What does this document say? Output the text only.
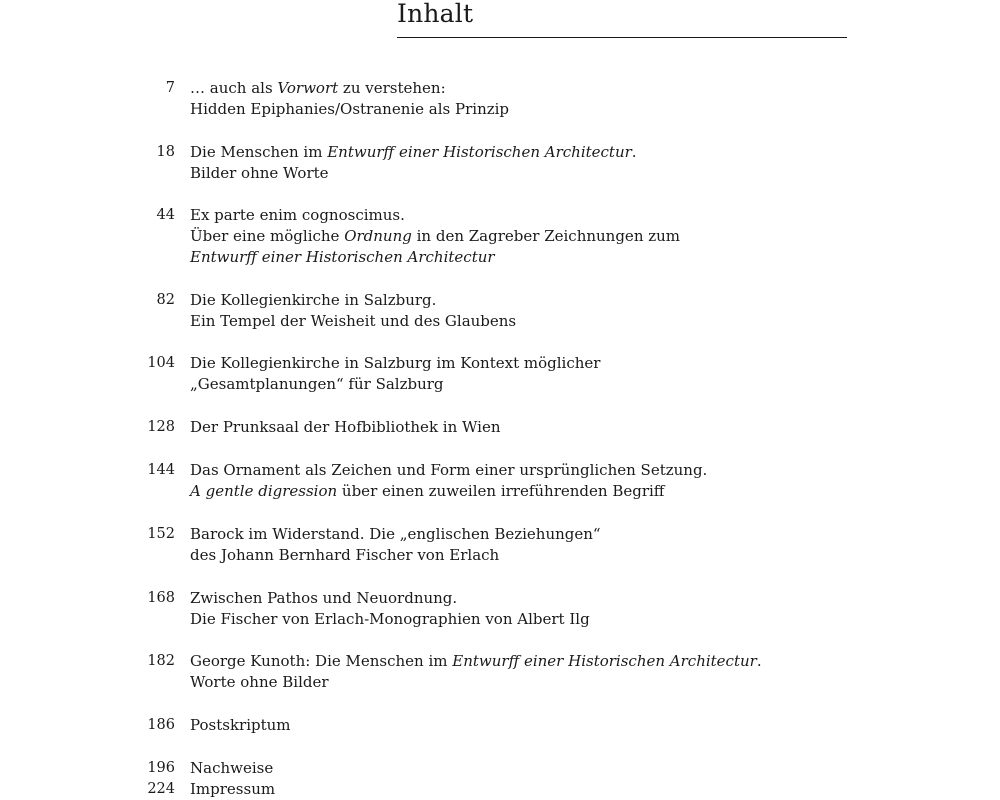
Inhalt
7 … auch als Vorwort zu verstehen:
Hidden Epiphanies/Ostranenie als Prinzip
18 Die Menschen im Entwurff einer Historischen Architectur.
Bilder ohne Worte
44 Ex parte enim cognoscimus.
Über eine mögliche Ordnung in den Zagreber Zeichnungen zum
Entwurff einer Historischen Architectur
82 Die Kollegienkirche in Salzburg.
Ein Tempel der Weisheit und des Glaubens
104 Die Kollegienkirche in Salzburg im Kontext möglicher
„Gesamtplanungen“ für Salzburg
128 Der Prunksaal der Hofbibliothek in Wien
144 Das Ornament als Zeichen und Form einer ursprünglichen Setzung.
A gentle digression über einen zuweilen irreführenden Begriff
152 Barock im Widerstand. Die „englischen Beziehungen“
des Johann Bernhard Fischer von Erlach
168 Zwischen Pathos und Neuordnung.
Die Fischer von Erlach-Monographien von Albert Ilg
182 George Kunoth: Die Menschen im Entwurff einer Historischen Architectur.
Worte ohne Bilder
186 Postskriptum
196 Nachweise
224 Impressum
